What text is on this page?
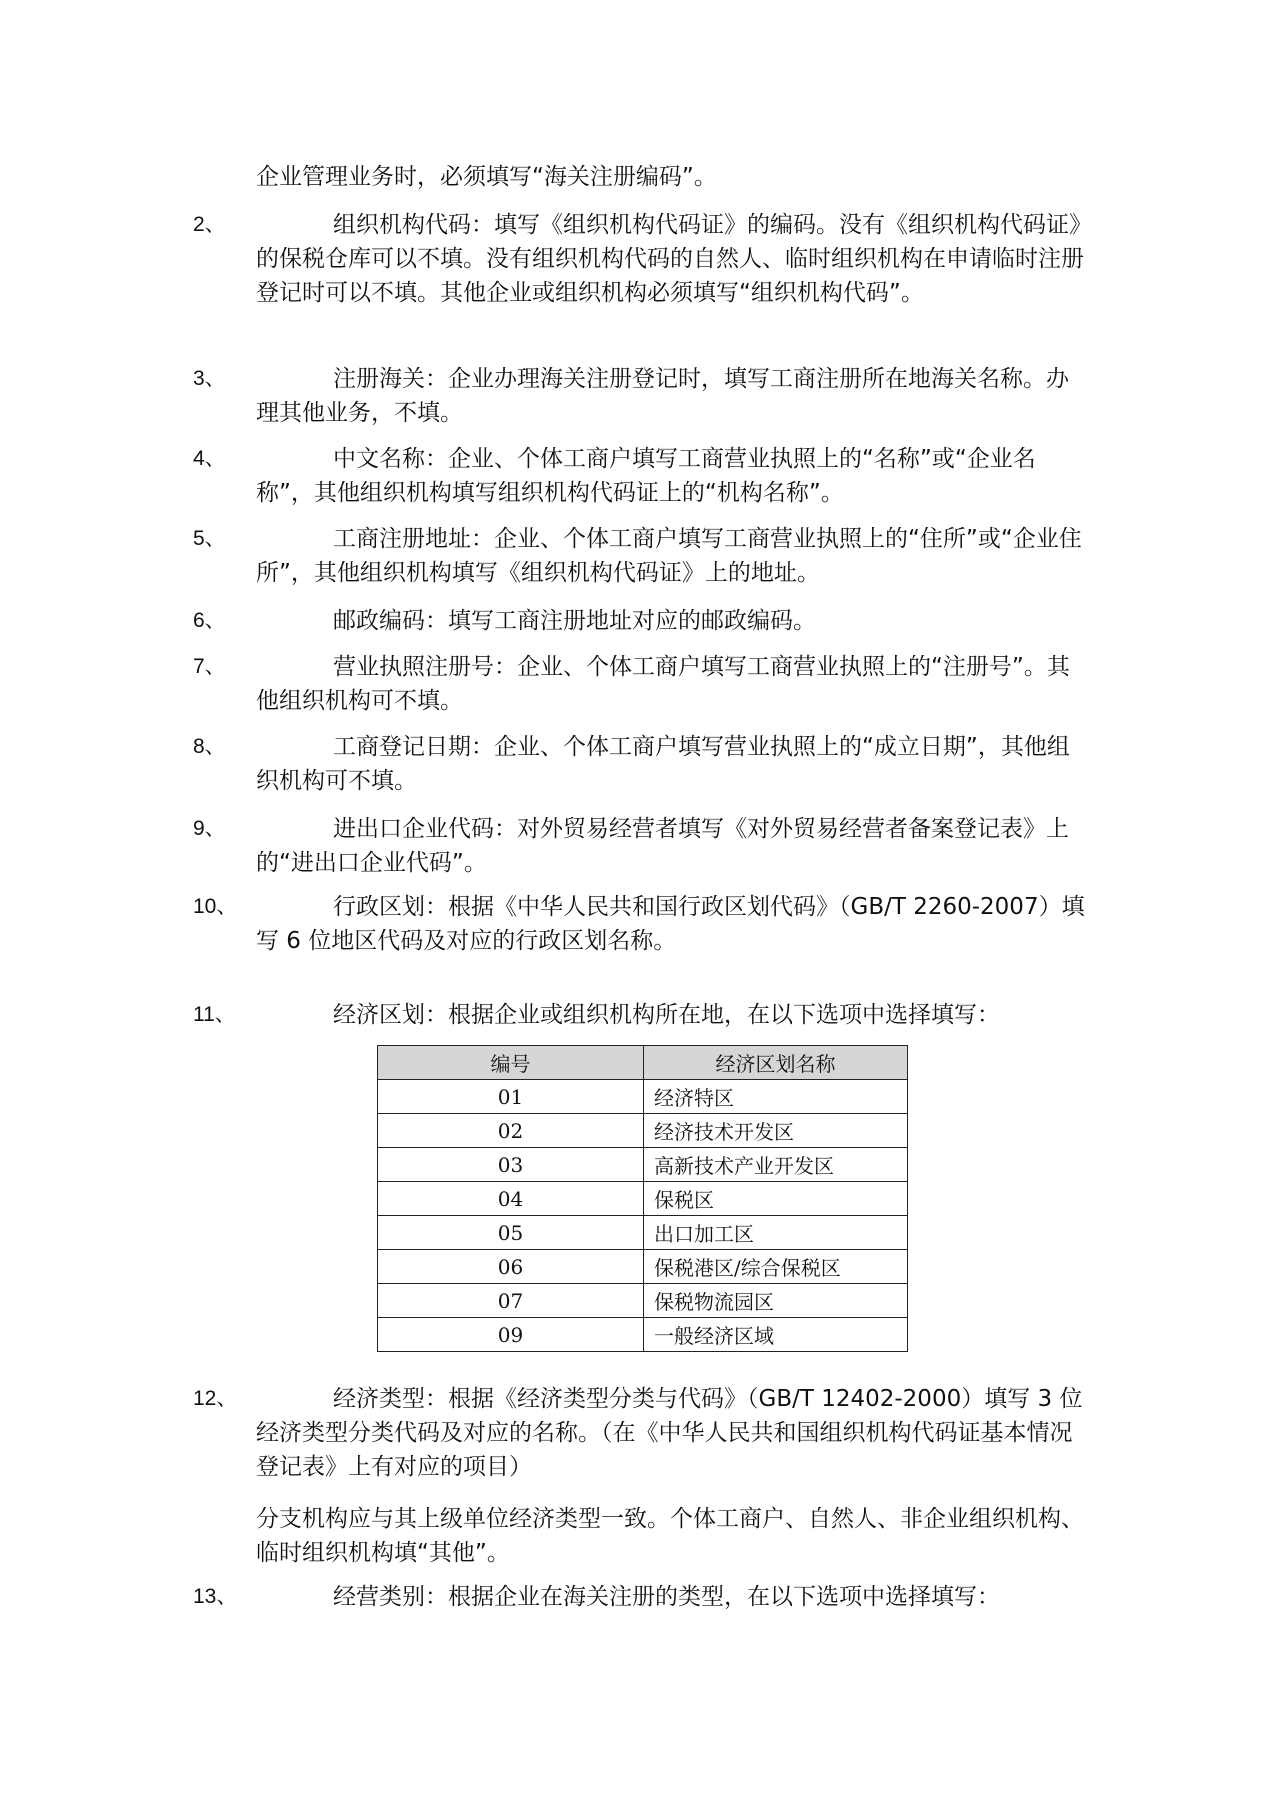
企业管理业务时，必须填写“海关注册编码”。
2、	组织机构代码：填写《组织机构代码证》的编码。没有《组织机构代码证》的保税仓库可以不填。没有组织机构代码的自然人、临时组织机构在申请临时注册登记时可以不填。其他企业或组织机构必须填写“组织机构代码”。
3、	注册海关：企业办理海关注册登记时，填写工商注册所在地海关名称。办理其他业务，不填。
4、	中文名称：企业、个体工商户填写工商营业执照上的“名称”或“企业名称”，其他组织机构填写组织机构代码证上的“机构名称”。
5、	工商注册地址：企业、个体工商户填写工商营业执照上的“住所”或“企业住所”，其他组织机构填写《组织机构代码证》上的地址。
6、	邮政编码：填写工商注册地址对应的邮政编码。
7、	营业执照注册号：企业、个体工商户填写工商营业执照上的“注册号”。其他组织机构可不填。
8、	工商登记日期：企业、个体工商户填写营业执照上的“成立日期”，其他组织机构可不填。
9、	进出口企业代码：对外贸易经营者填写《对外贸易经营者备案登记表》上的“进出口企业代码”。
10、	行政区划：根据《中华人民共和国行政区划代码》（GB/T 2260-2007）填写 6 位地区代码及对应的行政区划名称。
11、	经济区划：根据企业或组织机构所在地，在以下选项中选择填写：
编号	经济区划名称
01	经济特区
02	经济技术开发区
03	高新技术产业开发区
04	保税区
05	出口加工区
06	保税港区/综合保税区
07	保税物流园区
09	一般经济区域
12、	经济类型：根据《经济类型分类与代码》（GB/T 12402-2000）填写 3 位经济类型分类代码及对应的名称。（在《中华人民共和国组织机构代码证基本情况登记表》上有对应的项目）
分支机构应与其上级单位经济类型一致。个体工商户、自然人、非企业组织机构、临时组织机构填“其他”。
13、	经营类别：根据企业在海关注册的类型，在以下选项中选择填写：
